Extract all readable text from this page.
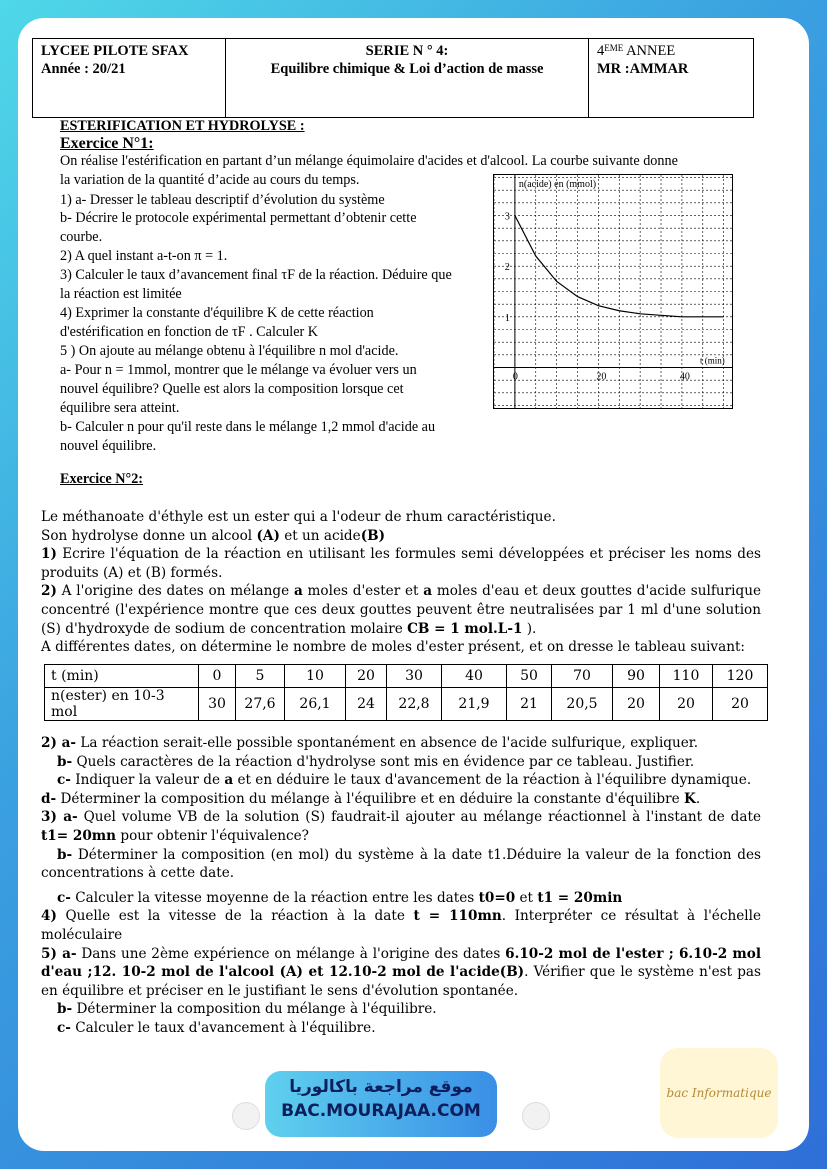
LYCEE PILOTE SFAX
Année : 20/21
SERIE N ° 4:
Equilibre chimique & Loi d’action de masse
4EME ANNEE
MR :AMMAR
ESTERIFICATION ET HYDROLYSE :
Exercice N°1:
On réalise l'estérification en partant d’un mélange équimolaire d'acides et d'alcool. La courbe suivante donne
la variation de la quantité d’acide au cours du temps.
1) a- Dresser le tableau descriptif d’évolution du système
b- Décrire le protocole expérimental permettant d’obtenir cette
courbe.
2) A quel instant a-t-on π = 1.
3) Calculer le taux d’avancement final τF de la réaction. Déduire que
la réaction est limitée
4) Exprimer la constante d'équilibre K de cette réaction
d'estérification en fonction de τF . Calculer K
5 ) On ajoute au mélange obtenu à l'équilibre n mol d'acide.
a- Pour n = 1mmol, montrer que le mélange va évoluer vers un
nouvel équilibre? Quelle est alors la composition lorsque cet
équilibre sera atteint.
b- Calculer n pour qu'il reste dans le mélange 1,2 mmol d'acide au
nouvel équilibre.
3
2
1
0	20	40
n(acide) en (mmol)
t (min)
Exercice N°2:

Le méthanoate d'éthyle est un ester qui a l'odeur de rhum caractéristique.

Son hydrolyse donne un alcool (A) et un acide(B)

1) Ecrire l'équation de la réaction en utilisant les formules semi développées et préciser les noms des produits (A) et (B) formés.

2) A l'origine des dates on mélange a moles d'ester et a moles d'eau et deux gouttes d'acide sulfurique concentré (l'expérience montre que ces deux gouttes peuvent être neutralisées par 1 ml d'une solution (S) d'hydroxyde de sodium de concentration molaire CB = 1 mol.L-1 ).

A différentes dates, on détermine le nombre de moles d'ester présent, et on dresse le tableau suivant:

t (min)	0	5	10	20	30	40	50	70	90	110	120
n(ester) en 10-3 mol	30	27,6	26,1	24	22,8	21,9	21	20,5	20	20	20

2) a- La réaction serait-elle possible spontanément en absence de l'acide sulfurique, expliquer.

b- Quels caractères de la réaction d'hydrolyse sont mis en évidence par ce tableau. Justifier.

c- Indiquer la valeur de a et en déduire le taux d'avancement de la réaction à l'équilibre dynamique.

d- Déterminer la composition du mélange à l'équilibre et en déduire la constante d'équilibre K.

3) a- Quel volume VB de la solution (S) faudrait-il ajouter au mélange réactionnel à l'instant de date t1= 20mn pour obtenir l'équivalence?

b- Déterminer la composition (en mol) du système à la date t1.Déduire la valeur de la fonction des concentrations à cette date.

c- Calculer la vitesse moyenne de la réaction entre les dates t0=0 et t1 = 20min

4) Quelle est la vitesse de la réaction à la date t = 110mn. Interpréter ce résultat à l'échelle moléculaire

5) a- Dans une 2ème expérience on mélange à l'origine des dates 6.10-2 mol de l'ester ; 6.10-2 mol d'eau ;12. 10-2 mol de l'alcool (A) et 12.10-2 mol de l'acide(B). Vérifier que le système n'est pas en équilibre et préciser en le justifiant le sens d'évolution spontanée.

b- Déterminer la composition du mélange à l'équilibre.

c- Calculer le taux d'avancement à l'équilibre.

موقع مراجعة باكالوريا
BAC.MOURAJAA.COM
bac Informatique
